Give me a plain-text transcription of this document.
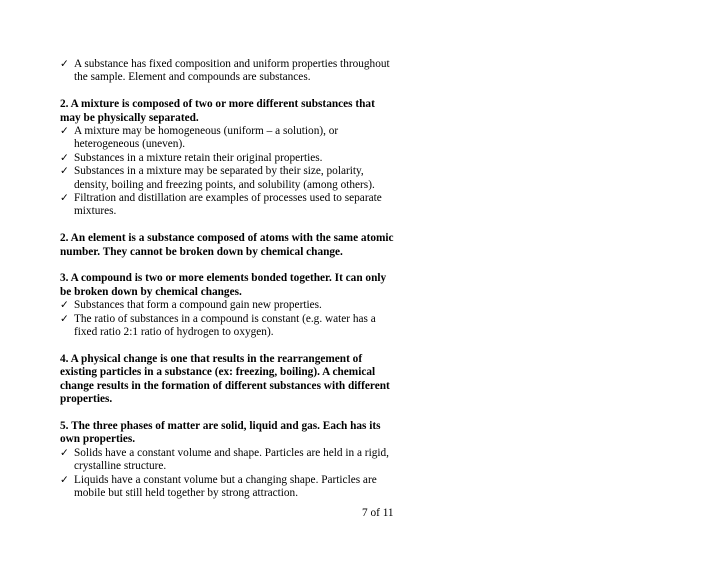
✓ A substance has fixed composition and uniform properties throughout the sample. Element and compounds are substances.

2. A mixture is composed of two or more different substances that may be physically separated.

✓ A mixture may be homogeneous (uniform – a solution), or heterogeneous (uneven).
✓ Substances in a mixture retain their original properties.
✓ Substances in a mixture may be separated by their size, polarity, density, boiling and freezing points, and solubility (among others).
✓ Filtration and distillation are examples of processes used to separate mixtures.

2. An element is a substance composed of atoms with the same atomic number. They cannot be broken down by chemical change.

3. A compound is two or more elements bonded together. It can only be broken down by chemical changes.

✓ Substances that form a compound gain new properties.
✓ The ratio of substances in a compound is constant (e.g. water has a fixed ratio 2:1 ratio of hydrogen to oxygen).

4. A physical change is one that results in the rearrangement of existing particles in a substance (ex: freezing, boiling). A chemical change results in the formation of different substances with different properties.

5. The three phases of matter are solid, liquid and gas. Each has its own properties.

✓ Solids have a constant volume and shape. Particles are held in a rigid, crystalline structure.
✓ Liquids have a constant volume but a changing shape. Particles are mobile but still held together by strong attraction.
7 of 11
